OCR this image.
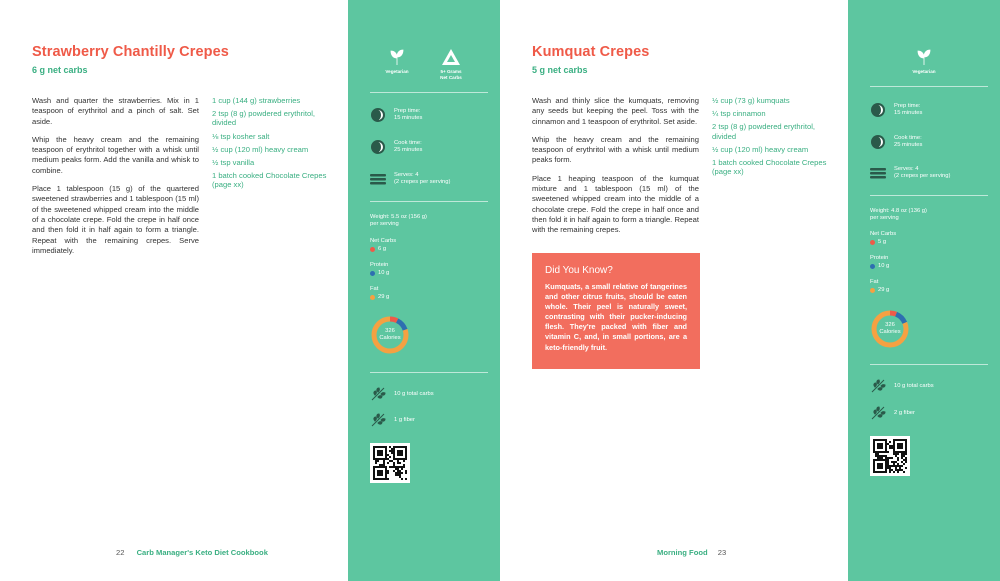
Strawberry Chantilly Crepes
6 g net carbs

Wash and quarter the strawberries. Mix in 1 teaspoon of erythritol and a pinch of salt. Set aside.

Whip the heavy cream and the remaining teaspoon of erythritol together with a whisk until medium peaks form. Add the vanilla and whisk to combine.

Place 1 tablespoon (15 g) of the quartered sweetened strawberries and 1 tablespoon (15 ml) of the sweetened whipped cream into the middle of a chocolate crepe. Fold the crepe in half once and then fold it in half again to form a triangle. Repeat with the remaining crepes. Serve immediately.

1 cup (144 g) strawberries
2 tsp (8 g) powdered erythritol, divided
⅛ tsp kosher salt
½ cup (120 ml) heavy cream
½ tsp vanilla
1 batch cooked Chocolate Crepes (page xx)
22 Carb Manager's Keto Diet Cookbook
Vegetarian	5+ Grams
Net Carbs
Prep time:
15 minutes
Cook time:
25 minutes
Serves: 4
(2 crepes per serving)
Weight: 5.5 oz (156 g)
per serving
Net Carbs
6 g
Protein
10 g
Fat
29 g
326
Calories
10 g total carbs
1 g fiber
Kumquat Crepes
5 g net carbs

Wash and thinly slice the kumquats, removing any seeds but keeping the peel. Toss with the cinnamon and 1 teaspoon of erythritol. Set aside.

Whip the heavy cream and the remaining teaspoon of erythritol with a whisk until medium peaks form.

Place 1 heaping teaspoon of the kumquat mixture and 1 tablespoon (15 ml) of the sweetened whipped cream into the middle of a chocolate crepe. Fold the crepe in half once and then fold it in half again to form a triangle. Repeat with the remaining crepes.

½ cup (73 g) kumquats
¼ tsp cinnamon
2 tsp (8 g) powdered erythritol, divided
½ cup (120 ml) heavy cream
1 batch cooked Chocolate Crepes (page xx)
Morning Food 23
Vegetarian
Prep time:
15 minutes
Cook time:
25 minutes
Serves: 4
(2 crepes per serving)
Weight: 4.8 oz (136 g)
per serving
Net Carbs
5 g
Protein
10 g
Fat
29 g
326
Calories
10 g total carbs
2 g fiber
Did You Know?

Kumquats, a small relative of tangerines and other citrus fruits, should be eaten whole. Their peel is naturally sweet, contrasting with their pucker-inducing flesh. They're packed with fiber and vitamin C, and, in small portions, are a keto-friendly fruit.
